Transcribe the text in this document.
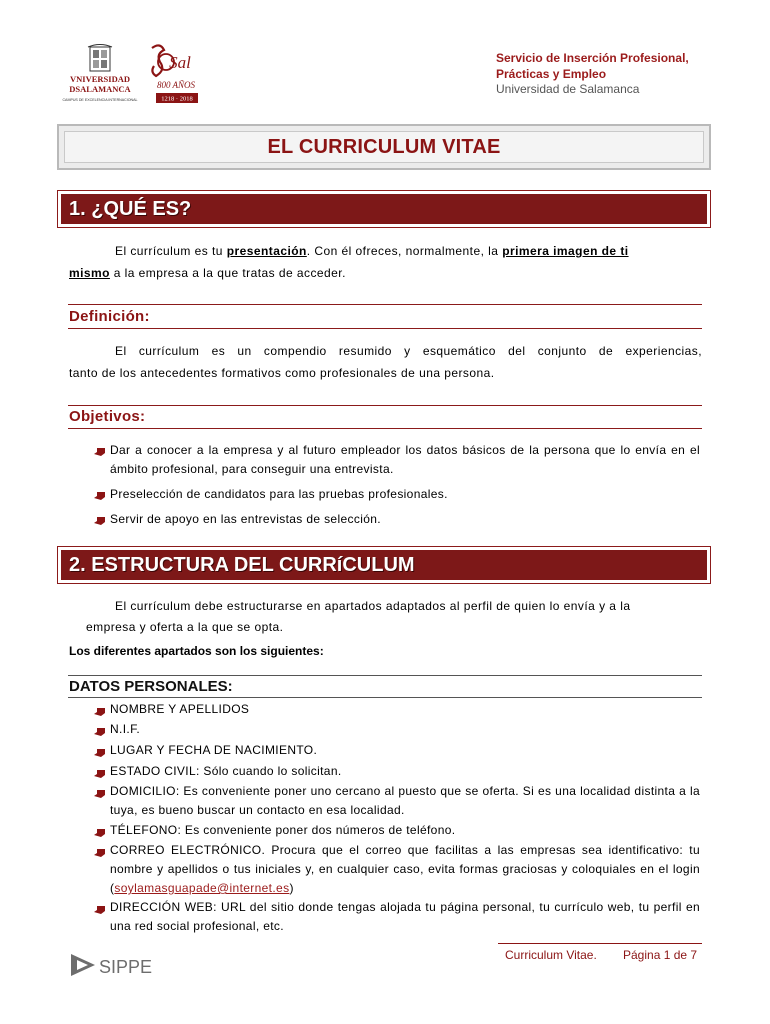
VNIVERSIDAD
DSALAMANCA
CAMPUS DE EXCELENCIA INTERNACIONAL
Sal
800 AÑOS
1218 · 2018
Servicio de Inserción Profesional,
Prácticas y Empleo
Universidad de Salamanca
EL CURRICULUM VITAE
1. ¿QUÉ ES?
El currículum es tu presentación. Con él ofreces, normalmente, la primera imagen de ti
mismo a la empresa a la que tratas de acceder.
Definición:
El currículum es un compendio resumido y esquemático del conjunto de experiencias,
tanto de los antecedentes formativos como profesionales de una persona.
Objetivos:
Dar a conocer a la empresa y al futuro empleador los datos básicos de la persona que lo envía en el ámbito profesional, para conseguir una entrevista.
Preselección de candidatos para las pruebas profesionales.
Servir de apoyo en las entrevistas de selección.
2. ESTRUCTURA DEL CURRíCULUM
El currículum debe estructurarse en apartados adaptados al perfil de quien lo envía y a la
empresa y oferta a la que se opta.
Los diferentes apartados son los siguientes:
DATOS PERSONALES:
NOMBRE Y APELLIDOS
N.I.F.
LUGAR Y FECHA DE NACIMIENTO.
ESTADO CIVIL: Sólo cuando lo solicitan.
DOMICILIO: Es conveniente poner uno cercano al puesto que se oferta. Si es una localidad distinta a la tuya, es bueno buscar un contacto en esa localidad.
TÉLEFONO: Es conveniente poner dos números de teléfono.
CORREO ELECTRÓNICO. Procura que el correo que facilitas a las empresas sea identificativo: tu nombre y apellidos o tus iniciales y, en cualquier caso, evita formas graciosas y coloquiales en el login (soylamasguapade@internet.es)
DIRECCIÓN WEB: URL del sitio donde tengas alojada tu página personal, tu currículo web, tu perfil en una red social profesional, etc.
Curriculum Vitae. Página 1 de 7
SIPPE
